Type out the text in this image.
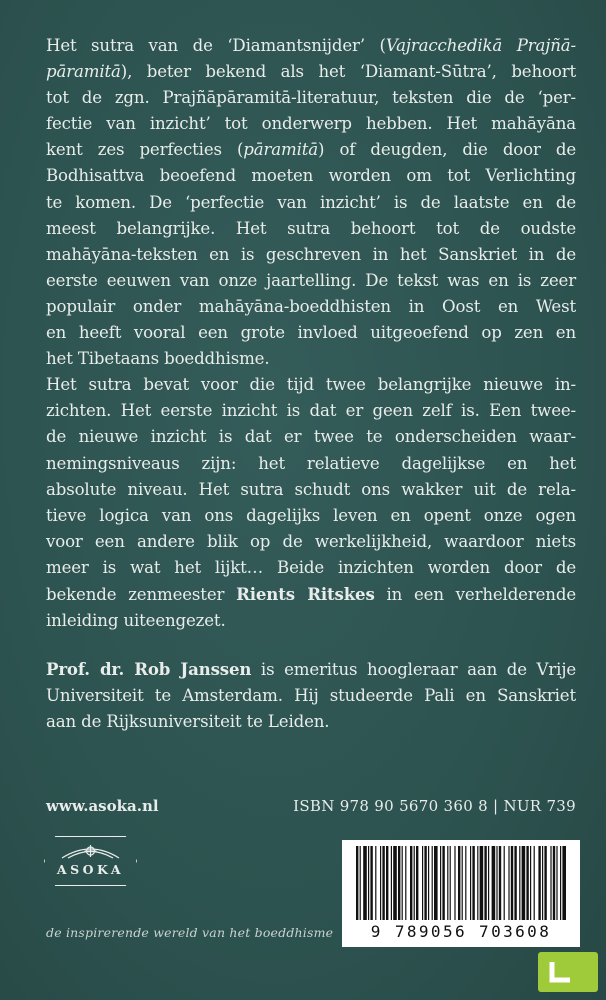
Het sutra van de ‘Diamantsnijder’ (Vajracchedikā Prajñā-
pāramitā), beter bekend als het ‘Diamant-Sūtra’, behoort
tot de zgn. Prajñāpāramitā-literatuur, teksten die de ‘per-
fectie van inzicht’ tot onderwerp hebben. Het mahāyāna
kent zes perfecties (pāramitā) of deugden, die door de
Bodhisattva beoefend moeten worden om tot Verlichting
te komen. De ‘perfectie van inzicht’ is de laatste en de
meest belangrijke. Het sutra behoort tot de oudste
mahāyāna-teksten en is geschreven in het Sanskriet in de
eerste eeuwen van onze jaartelling. De tekst was en is zeer
populair onder mahāyāna-boeddhisten in Oost en West
en heeft vooral een grote invloed uitgeoefend op zen en
het Tibetaans boeddhisme.
Het sutra bevat voor die tijd twee belangrijke nieuwe in-
zichten. Het eerste inzicht is dat er geen zelf is. Een twee-
de nieuwe inzicht is dat er twee te onderscheiden waar-
nemingsniveaus zijn: het relatieve dagelijkse en het
absolute niveau. Het sutra schudt ons wakker uit de rela-
tieve logica van ons dagelijks leven en opent onze ogen
voor een andere blik op de werkelijkheid, waardoor niets
meer is wat het lijkt… Beide inzichten worden door de
bekende zenmeester Rients Ritskes in een verhelderende
inleiding uiteengezet.
Prof. dr. Rob Janssen is emeritus hoogleraar aan de Vrije
Universiteit te Amsterdam. Hij studeerde Pali en Sanskriet
aan de Rijksuniversiteit te Leiden.
www.asoka.nl	ISBN 978 90 5670 360 8 | NUR 739
ASOKA
de inspirerende wereld van het boeddhisme	9 789056 703608
